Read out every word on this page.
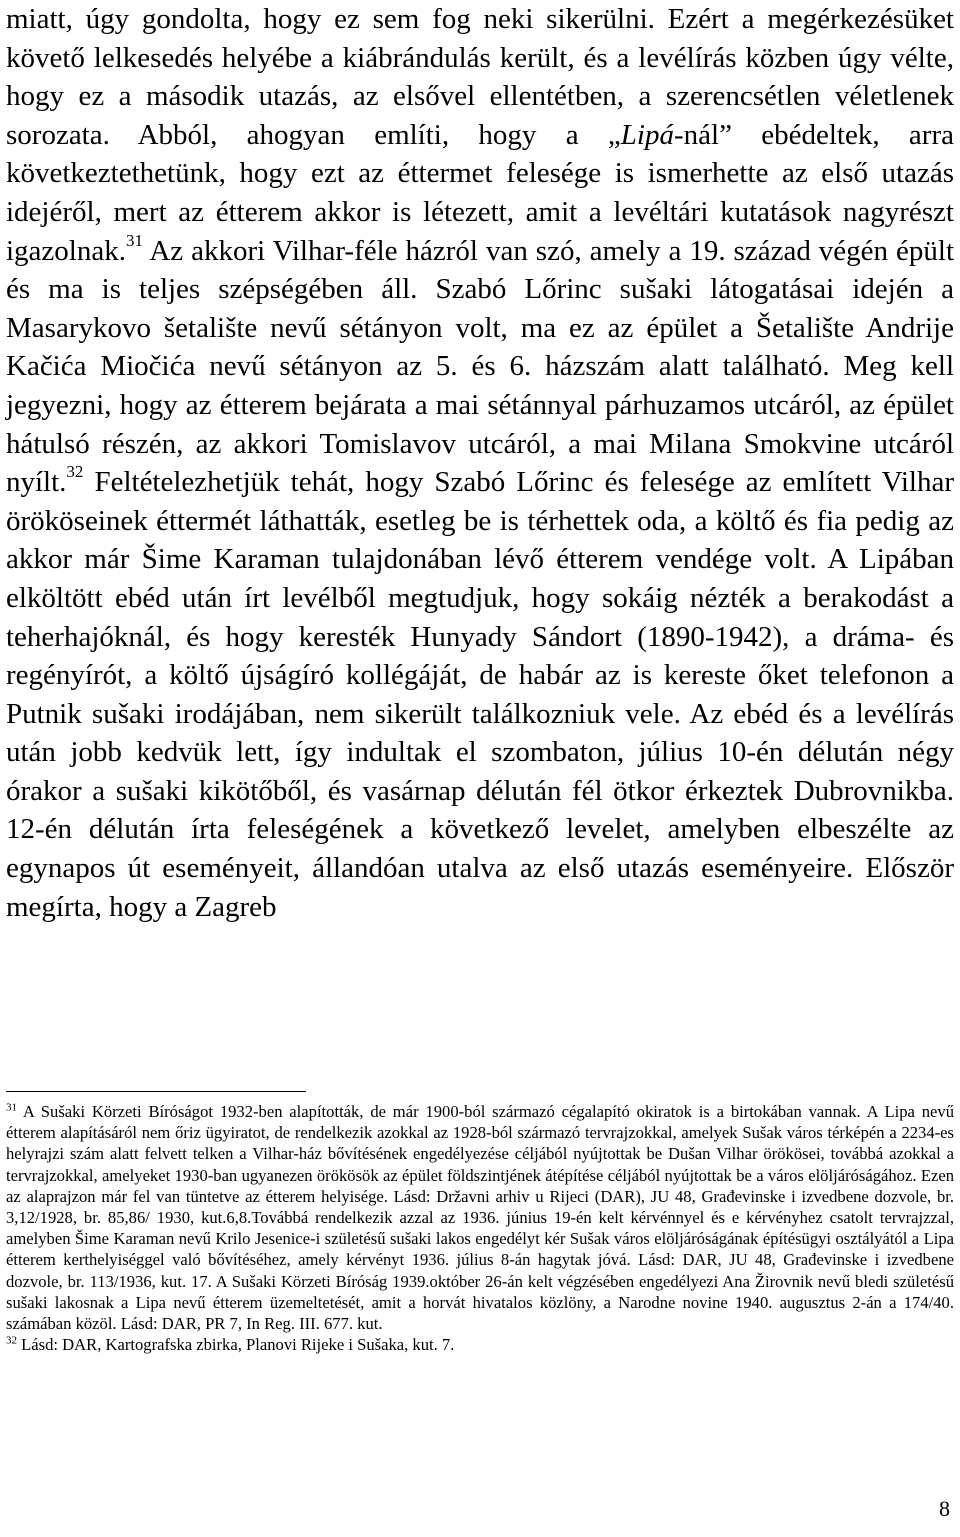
miatt, úgy gondolta, hogy ez sem fog neki sikerülni. Ezért a megérkezésüket követő lelkesedés helyébe a kiábrándulás került, és a levélírás közben úgy vélte, hogy ez a második utazás, az elsővel ellentétben, a szerencsétlen véletlenek sorozata. Abból, ahogyan említi, hogy a „Lipá-nál” ebédeltek, arra következtethetünk, hogy ezt az éttermet felesége is ismerhette az első utazás idejéről, mert az étterem akkor is létezett, amit a levéltári kutatások nagyrészt igazolnak.$^{31}$ Az akkori Vilhar-féle házról van szó, amely a 19. század végén épült és ma is teljes szépségében áll. Szabó Lőrinc sušaki látogatásai idején a Masarykovo šetalište nevű sétányon volt, ma ez az épület a Šetalište Andrije Kačića Miočića nevű sétányon az 5. és 6. házszám alatt található. Meg kell jegyezni, hogy az étterem bejárata a mai sétánnyal párhuzamos utcáról, az épület hátulsó részén, az akkori Tomislavov utcáról, a mai Milana Smokvine utcáról nyílt.$^{32}$ Feltételezhetjük tehát, hogy Szabó Lőrinc és felesége az említett Vilhar örököseinek éttermét láthatták, esetleg be is térhettek oda, a költő és fia pedig az akkor már Šime Karaman tulajdonában lévő étterem vendége volt. A Lipában elköltött ebéd után írt levélből megtudjuk, hogy sokáig nézték a berakodást a teherhajóknál, és hogy keresték Hunyady Sándort (1890-1942), a dráma- és regényírót, a költő újságíró kollégáját, de habár az is kereste őket telefonon a Putnik sušaki irodájában, nem sikerült találkozniuk vele. Az ebéd és a levélírás után jobb kedvük lett, így indultak el szombaton, július 10-én délután négy órakor a sušaki kikötőből, és vasárnap délután fél ötkor érkeztek Dubrovnikba. 12-én délután írta feleségének a következő levelet, amelyben elbeszélte az egynapos út eseményeit, állandóan utalva az első utazás eseményeire. Először megírta, hogy a Zagreb

$^{31}$ A Sušaki Körzeti Bíróságot 1932-ben alapították, de már 1900-ból származó cégalapító okiratok is a birtokában vannak. A Lipa nevű étterem alapításáról nem őriz ügyiratot, de rendelkezik azokkal az 1928-ból származó tervrajzokkal, amelyek Sušak város térképén a 2234-es helyrajzi szám alatt felvett telken a Vilhar-ház bővítésének engedélyezése céljából nyújtottak be Dušan Vilhar örökösei, továbbá azokkal a tervrajzokkal, amelyeket 1930-ban ugyanezen örökösök az épület földszintjének átépítése céljából nyújtottak be a város elöljáróságához. Ezen az alaprajzon már fel van tüntetve az étterem helyisége. Lásd: Državni arhiv u Rijeci (DAR), JU 48, Građevinske i izvedbene dozvole, br. 3,12/1928, br. 85,86/ 1930, kut.6,8.Továbbá rendelkezik azzal az 1936. június 19-én kelt kérvénnyel és e kérvényhez csatolt tervrajzzal, amelyben Šime Karaman nevű Krilo Jesenice-i születésű sušaki lakos engedélyt kér Sušak város elöljáróságának építésügyi osztályától a Lipa étterem kerthelyiséggel való bővítéséhez, amely kérvényt 1936. július 8-án hagytak jóvá. Lásd: DAR, JU 48, Građevinske i izvedbene dozvole, br. 113/1936, kut. 17. A Sušaki Körzeti Bíróság 1939.október 26-án kelt végzésében engedélyezi Ana Žirovnik nevű bledi születésű sušaki lakosnak a Lipa nevű étterem üzemeltetését, amit a horvát hivatalos közlöny, a Narodne novine 1940. augusztus 2-án a 174/40. számában közöl. Lásd: DAR, PR 7, In Reg. III. 677. kut.

$^{32}$ Lásd: DAR, Kartografska zbirka, Planovi Rijeke i Sušaka, kut. 7.

8
